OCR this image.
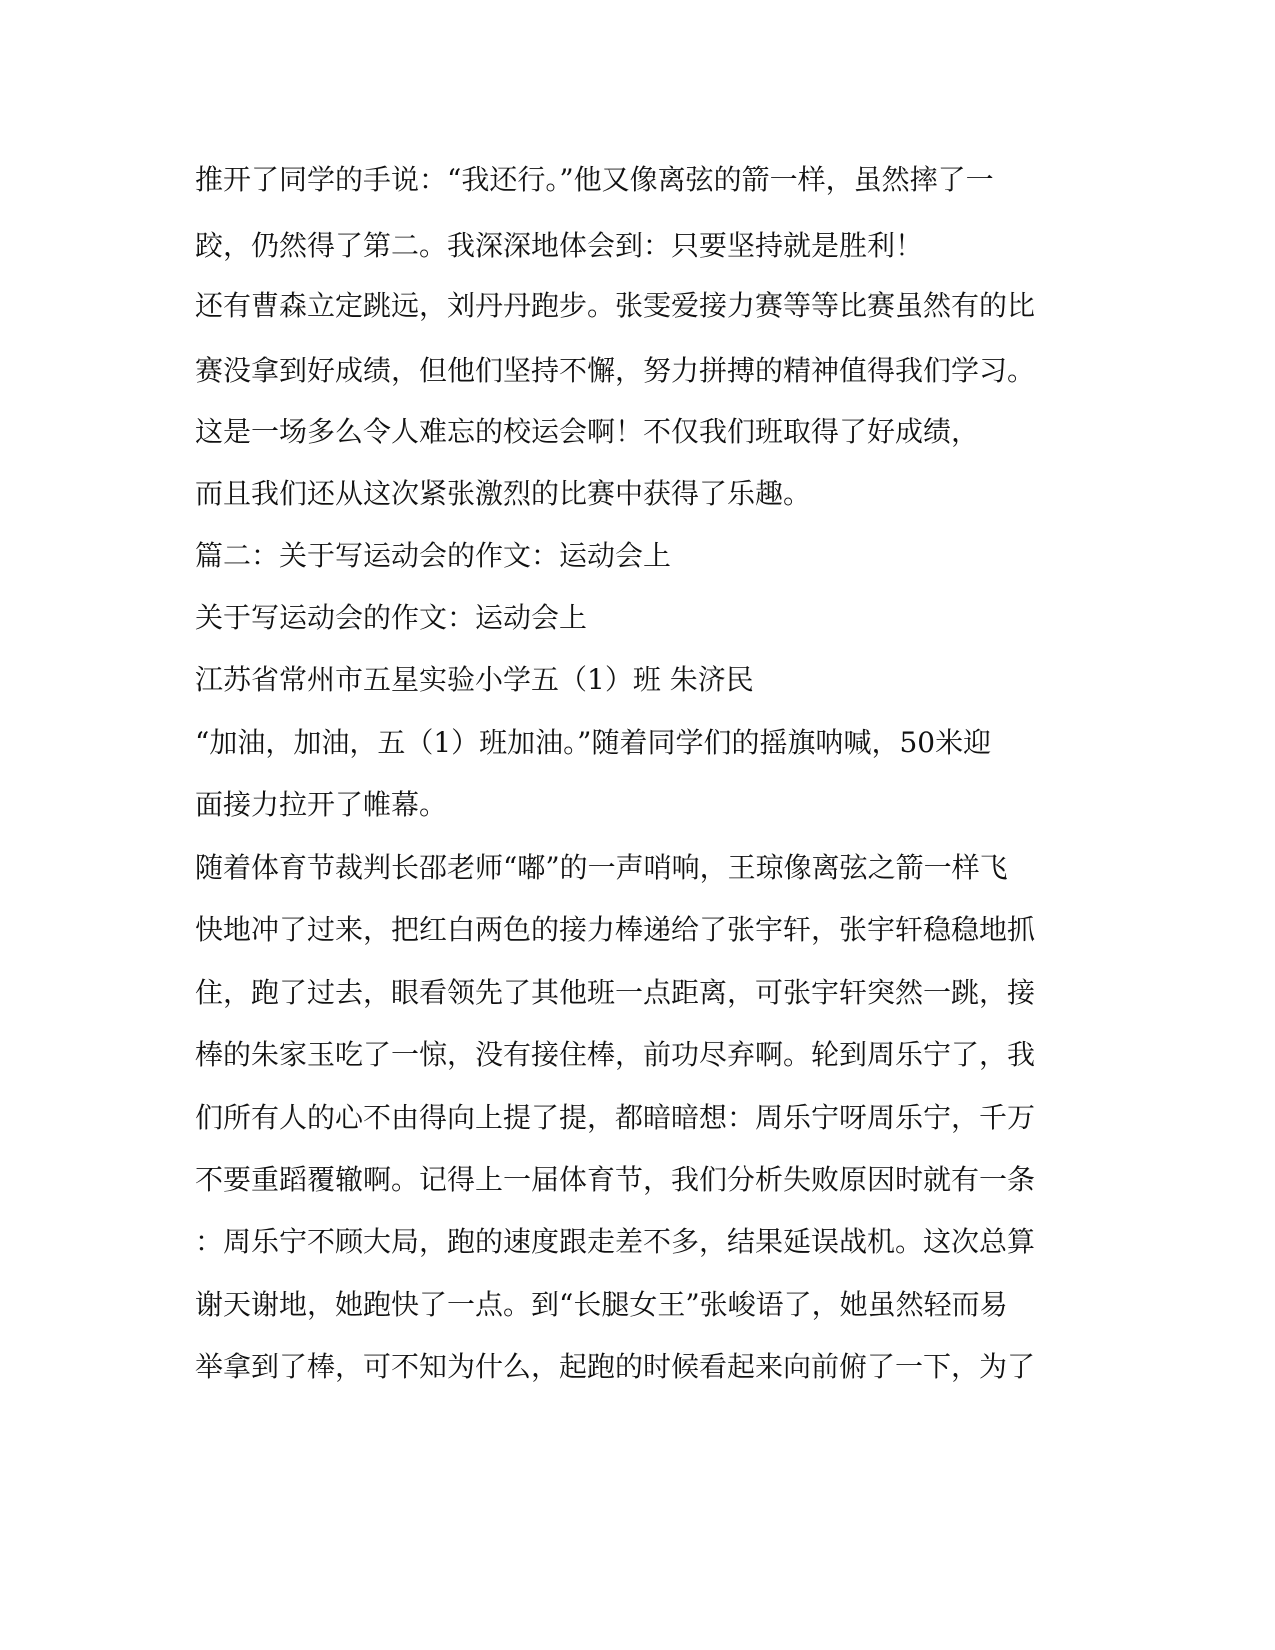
推开了同学的手说：“我还行。”他又像离弦的箭一样，虽然摔了一
跤，仍然得了第二。我深深地体会到：只要坚持就是胜利！
还有曹森立定跳远，刘丹丹跑步。张雯爱接力赛等等比赛虽然有的比
赛没拿到好成绩，但他们坚持不懈，努力拼搏的精神值得我们学习。
这是一场多么令人难忘的校运会啊！不仅我们班取得了好成绩，
而且我们还从这次紧张激烈的比赛中获得了乐趣。
篇二：关于写运动会的作文：运动会上
关于写运动会的作文：运动会上
江苏省常州市五星实验小学五（1）班 朱济民
“加油，加油，五（1）班加油。”随着同学们的摇旗呐喊，50米迎
面接力拉开了帷幕。
随着体育节裁判长邵老师“嘟”的一声哨响，王琼像离弦之箭一样飞
快地冲了过来，把红白两色的接力棒递给了张宇轩，张宇轩稳稳地抓
住，跑了过去，眼看领先了其他班一点距离，可张宇轩突然一跳，接
棒的朱家玉吃了一惊，没有接住棒，前功尽弃啊。轮到周乐宁了，我
们所有人的心不由得向上提了提，都暗暗想：周乐宁呀周乐宁，千万
不要重蹈覆辙啊。记得上一届体育节，我们分析失败原因时就有一条
：周乐宁不顾大局，跑的速度跟走差不多，结果延误战机。这次总算
谢天谢地，她跑快了一点。到“长腿女王”张峻语了，她虽然轻而易
举拿到了棒，可不知为什么，起跑的时候看起来向前俯了一下，为了
